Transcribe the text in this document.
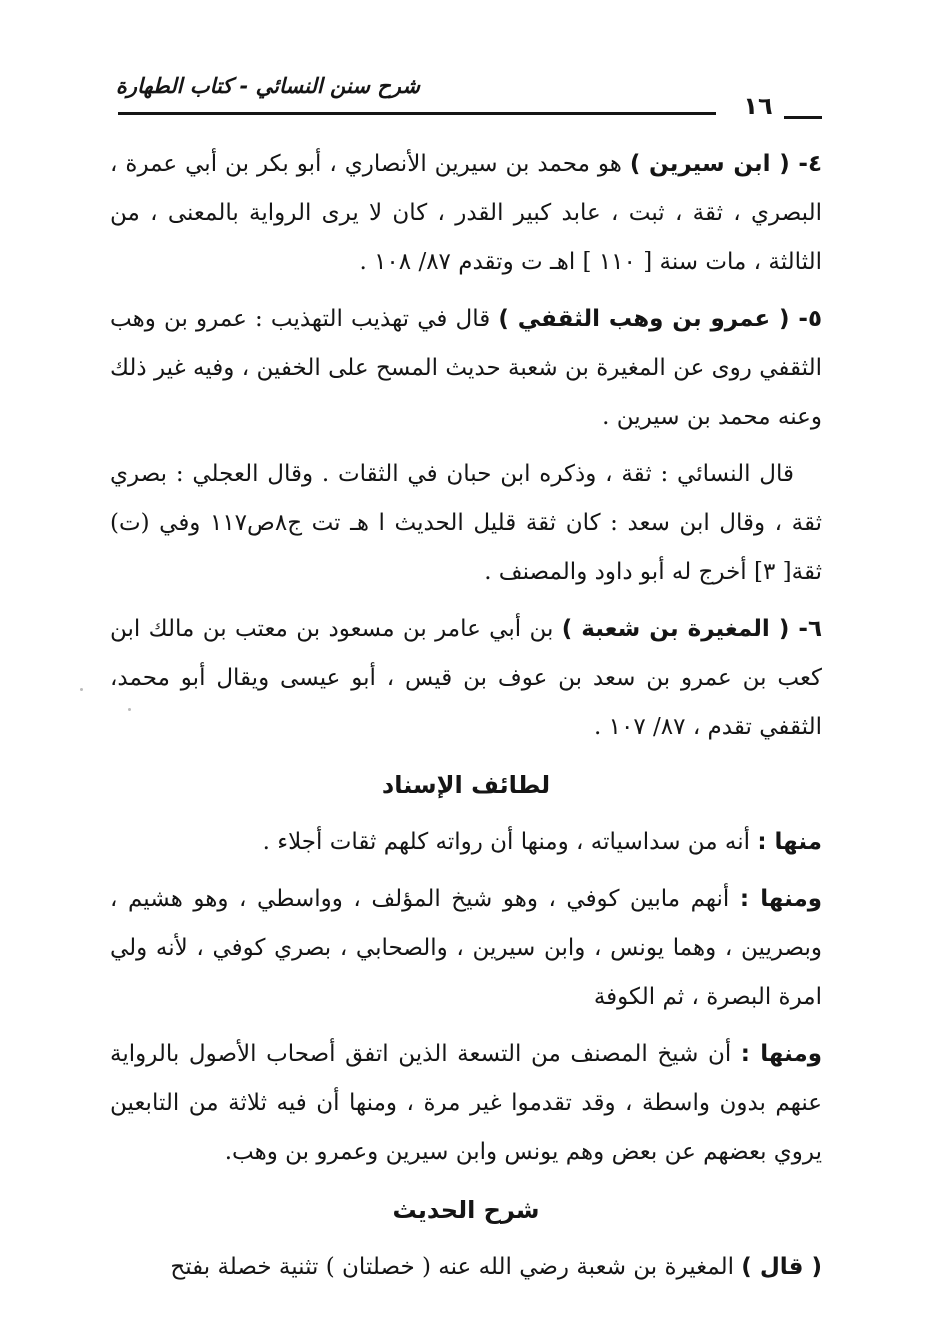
شرح سنن النسائي - كتاب الطهارة
١٦

٤- ( ابن سيرين ) هو محمد بن سيرين الأنصاري ، أبو بكر بن أبي عمرة ، البصري ، ثقة ، ثبت ، عابد كبير القدر ، كان لا يرى الرواية بالمعنى ، من الثالثة ، مات سنة [ ١١٠ ] اهـ ت وتقدم ٨٧/ ١٠٨ .

٥- ( عمرو بن وهب الثقفي ) قال في تهذيب التهذيب : عمرو بن وهب الثقفي روى عن المغيرة بن شعبة حديث المسح على الخفين ، وفيه غير ذلك وعنه محمد بن سيرين .

قال النسائي : ثقة ، وذكره ابن حبان في الثقات . وقال العجلي : بصري ثقة ، وقال ابن سعد : كان ثقة قليل الحديث ا هـ تت ج٨ص١١٧ وفي (ت) ثقة[ ٣] أخرج له أبو داود والمصنف .

٦- ( المغيرة بن شعبة ) بن أبي عامر بن مسعود بن معتب بن مالك ابن كعب بن عمرو بن سعد بن عوف بن قيس ، أبو عيسى ويقال أبو محمد، الثقفي تقدم ، ٨٧/ ١٠٧ .

لطائف الإسناد

منها : أنه من سداسياته ، ومنها أن رواته كلهم ثقات أجلاء .

ومنها : أنهم مابين كوفي ، وهو شيخ المؤلف ، وواسطي ، وهو هشيم ، وبصريين ، وهما يونس ، وابن سيرين ، والصحابي ، بصري كوفي ، لأنه ولي امرة البصرة ، ثم الكوفة

ومنها : أن شيخ المصنف من التسعة الذين اتفق أصحاب الأصول بالرواية عنهم بدون واسطة ، وقد تقدموا غير مرة ، ومنها أن فيه ثلاثة من التابعين يروي بعضهم عن بعض وهم يونس وابن سيرين وعمرو بن وهب.

شرح الحديث

( قال ) المغيرة بن شعبة رضي الله عنه ( خصلتان ) تثنية خصلة بفتح
